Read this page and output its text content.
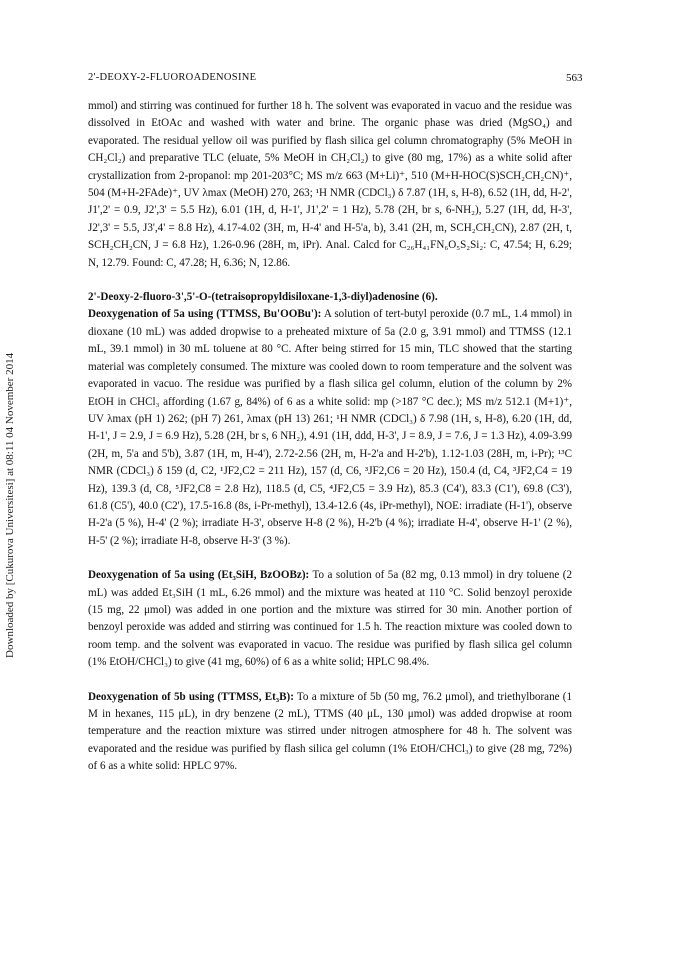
2'-DEOXY-2-FLUOROADENOSINE	563
Downloaded by [Cukurova Universitesi] at 08:11 04 November 2014

mmol) and stirring was continued for further 18 h. The solvent was evaporated in vacuo and the residue was dissolved in EtOAc and washed with water and brine. The organic phase was dried (MgSO₄) and evaporated. The residual yellow oil was purified by flash silica gel column chromatography (5% MeOH in CH₂Cl₂) and preparative TLC (eluate, 5% MeOH in CH₂Cl₂) to give (80 mg, 17%) as a white solid after crystallization from 2-propanol: mp 201-203°C; MS m/z 663 (M+Li)⁺, 510 (M+H-HOC(S)SCH₂CH₂CN)⁺, 504 (M+H-2FAde)⁺, UV λmax (MeOH) 270, 263; ¹H NMR (CDCl₃) δ 7.87 (1H, s, H-8), 6.52 (1H, dd, H-2', J1',2' = 0.9, J2',3' = 5.5 Hz), 6.01 (1H, d, H-1', J1',2' = 1 Hz), 5.78 (2H, br s, 6-NH₂), 5.27 (1H, dd, H-3', J2',3' = 5.5, J3',4' = 8.8 Hz), 4.17-4.02 (3H, m, H-4' and H-5'a, b), 3.41 (2H, m, SCH₂CH₂CN), 2.87 (2H, t, SCH₂CH₂CN, J = 6.8 Hz), 1.26-0.96 (28H, m, iPr). Anal. Calcd for C₂₆H₄₁FN₆O₅S₂Si₂: C, 47.54; H, 6.29; N, 12.79. Found: C, 47.28; H, 6.36; N, 12.86.

2'-Deoxy-2-fluoro-3',5'-O-(tetraisopropyldisiloxane-1,3-diyl)adenosine (6).

Deoxygenation of 5a using (TTMSS, Bu'OOBu'): A solution of tert-butyl peroxide (0.7 mL, 1.4 mmol) in dioxane (10 mL) was added dropwise to a preheated mixture of 5a (2.0 g, 3.91 mmol) and TTMSS (12.1 mL, 39.1 mmol) in 30 mL toluene at 80 °C. After being stirred for 15 min, TLC showed that the starting material was completely consumed. The mixture was cooled down to room temperature and the solvent was evaporated in vacuo. The residue was purified by a flash silica gel column, elution of the column by 2% EtOH in CHCl₃ affording (1.67 g, 84%) of 6 as a white solid: mp (>187 °C dec.); MS m/z 512.1 (M+1)⁺, UV λmax (pH 1) 262; (pH 7) 261, λmax (pH 13) 261; ¹H NMR (CDCl₃) δ 7.98 (1H, s, H-8), 6.20 (1H, dd, H-1', J = 2.9, J = 6.9 Hz), 5.28 (2H, br s, 6 NH₂), 4.91 (1H, ddd, H-3', J = 8.9, J = 7.6, J = 1.3 Hz), 4.09-3.99 (2H, m, 5'a and 5'b), 3.87 (1H, m, H-4'), 2.72-2.56 (2H, m, H-2'a and H-2'b), 1.12-1.03 (28H, m, i-Pr); ¹³C NMR (CDCl₃) δ 159 (d, C2, ¹JF2,C2 = 211 Hz), 157 (d, C6, ³JF2,C6 = 20 Hz), 150.4 (d, C4, ³JF2,C4 = 19 Hz), 139.3 (d, C8, ⁵JF2,C8 = 2.8 Hz), 118.5 (d, C5, ⁴JF2,C5 = 3.9 Hz), 85.3 (C4'), 83.3 (C1'), 69.8 (C3'), 61.8 (C5'), 40.0 (C2'), 17.5-16.8 (8s, i-Pr-methyl), 13.4-12.6 (4s, iPr-methyl), NOE: irradiate (H-1'), observe H-2'a (5 %), H-4' (2 %); irradiate H-3', observe H-8 (2 %), H-2'b (4 %); irradiate H-4', observe H-1' (2 %), H-5' (2 %); irradiate H-8, observe H-3' (3 %).

Deoxygenation of 5a using (Et₃SiH, BzOOBz): To a solution of 5a (82 mg, 0.13 mmol) in dry toluene (2 mL) was added Et₃SiH (1 mL, 6.26 mmol) and the mixture was heated at 110 °C. Solid benzoyl peroxide (15 mg, 22 μmol) was added in one portion and the mixture was stirred for 30 min. Another portion of benzoyl peroxide was added and stirring was continued for 1.5 h. The reaction mixture was cooled down to room temp. and the solvent was evaporated in vacuo. The residue was purified by flash silica gel column (1% EtOH/CHCl₃) to give (41 mg, 60%) of 6 as a white solid; HPLC 98.4%.

Deoxygenation of 5b using (TTMSS, Et₃B): To a mixture of 5b (50 mg, 76.2 μmol), and triethylborane (1 M in hexanes, 115 μL), in dry benzene (2 mL), TTMS (40 μL, 130 μmol) was added dropwise at room temperature and the reaction mixture was stirred under nitrogen atmosphere for 48 h. The solvent was evaporated and the residue was purified by flash silica gel column (1% EtOH/CHCl₃) to give (28 mg, 72%) of 6 as a white solid: HPLC 97%.
